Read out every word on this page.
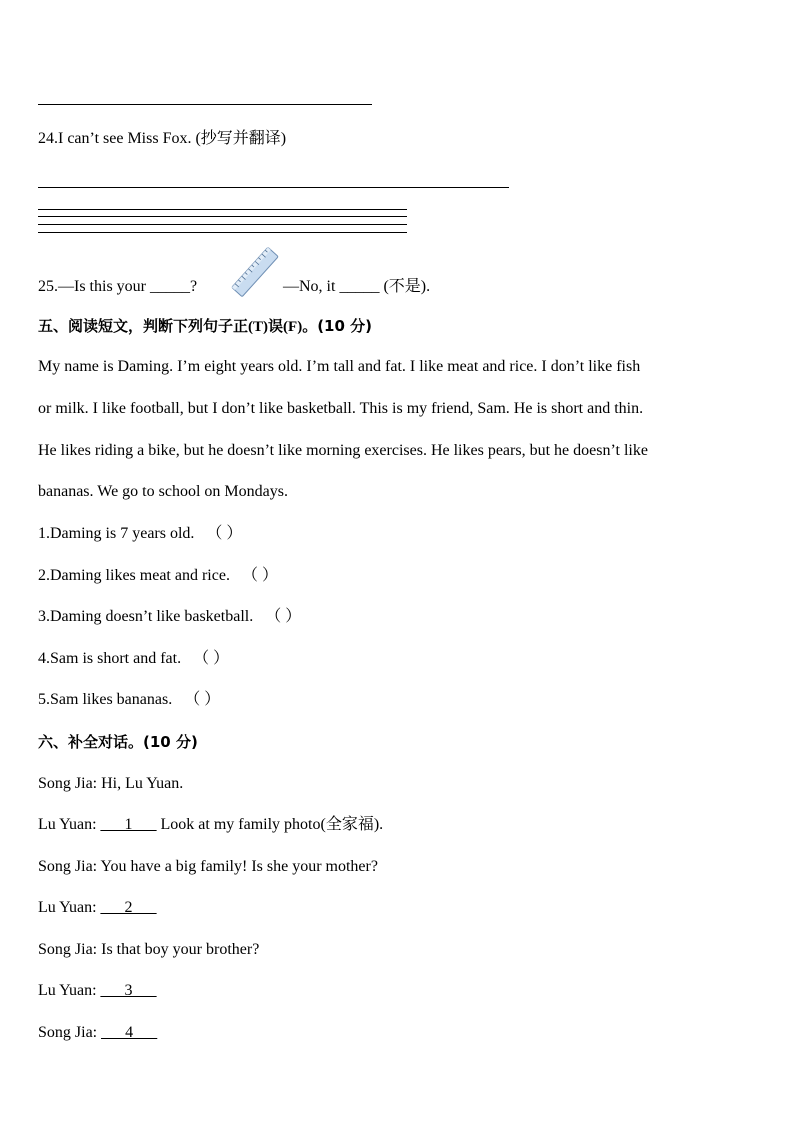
24.I can’t see Miss Fox. (抄写并翻译)
25.—Is this your _____?	—No, it _____ (不是).
五、阅读短文，判断下列句子正(T)误(F)。(10 分)
My name is Daming. I’m eight years old. I’m tall and fat. I like meat and rice. I don’t like fish
or milk. I like football, but I don’t like basketball. This is my friend, Sam. He is short and thin.
He likes riding a bike, but he doesn’t like morning exercises. He likes pears, but he doesn’t like
bananas. We go to school on Mondays.
1.Daming is 7 years old. （ ）
2.Daming likes meat and rice. （ ）
3.Daming doesn’t like basketball. （ ）
4.Sam is short and fat. （ ）
5.Sam likes bananas. （ ）
六、补全对话。(10 分)
Song Jia: Hi, Lu Yuan.
Lu Yuan: ___1___ Look at my family photo(全家福).
Song Jia: You have a big family! Is she your mother?
Lu Yuan: ___2___
Song Jia: Is that boy your brother?
Lu Yuan: ___3___
Song Jia: ___4___
